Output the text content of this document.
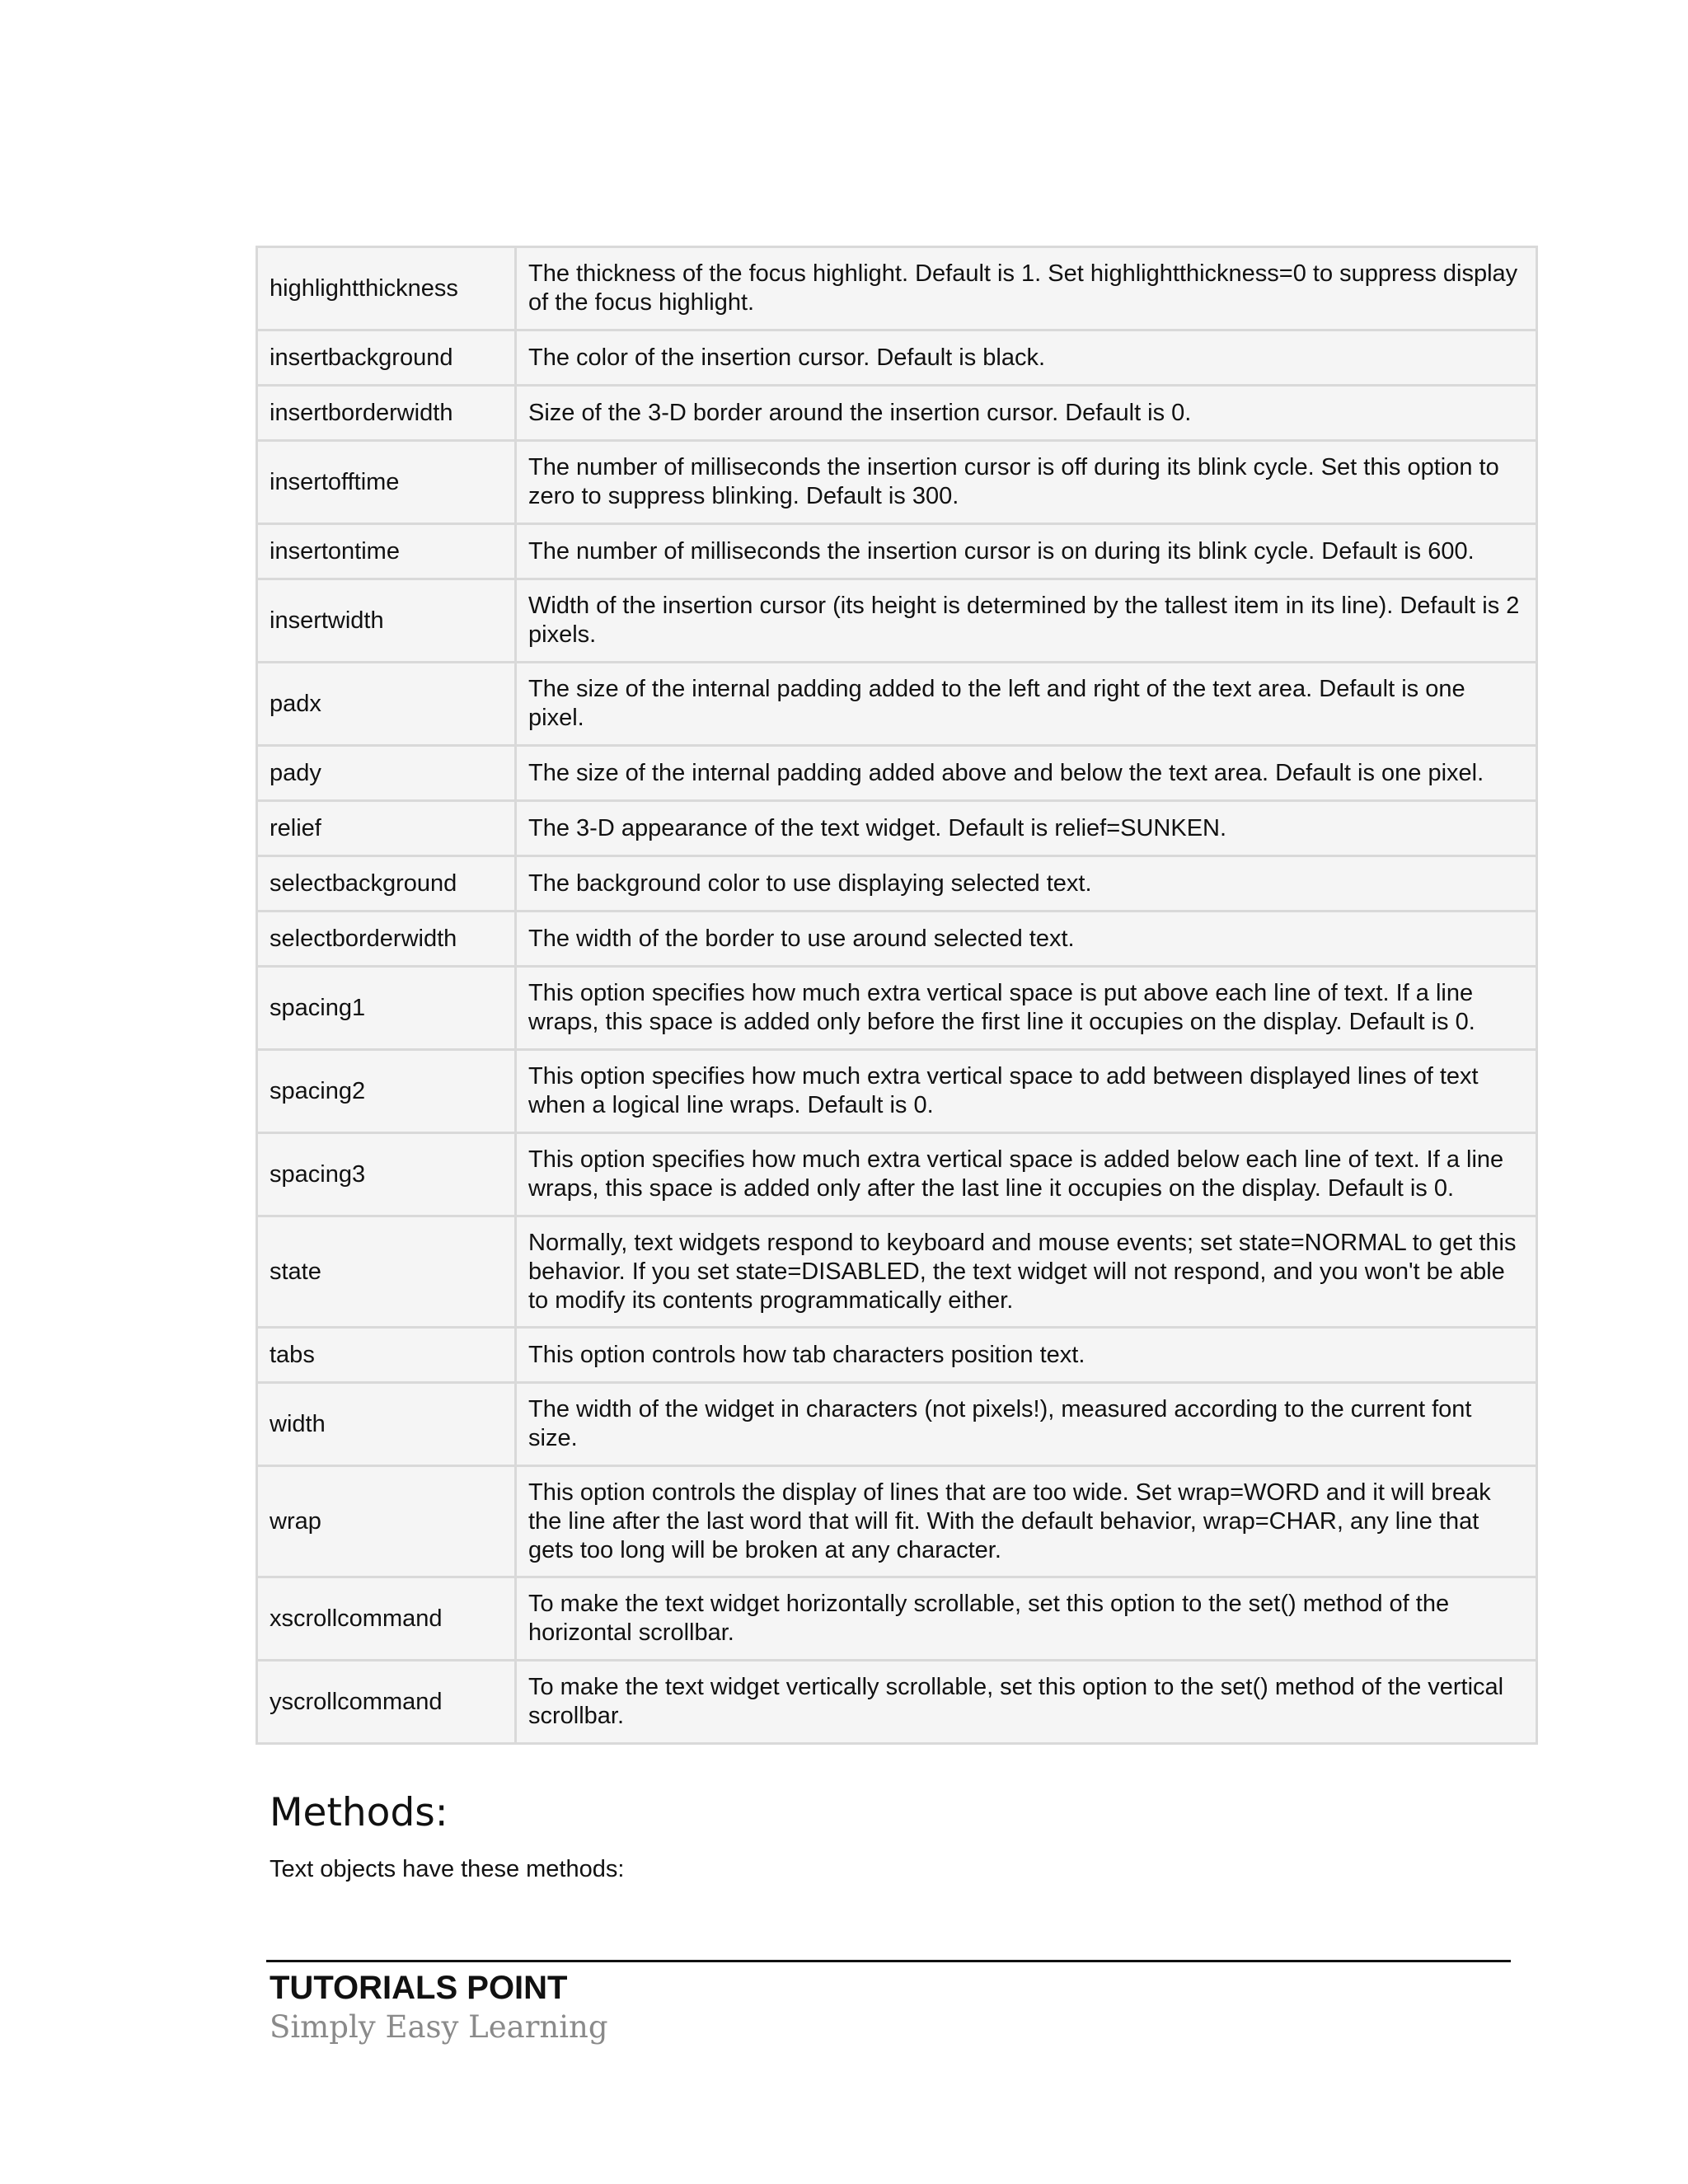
highlightthickness	The thickness of the focus highlight. Default is 1. Set highlightthickness=0 to suppress display of the focus highlight.
insertbackground	The color of the insertion cursor. Default is black.
insertborderwidth	Size of the 3-D border around the insertion cursor. Default is 0.
insertofftime	The number of milliseconds the insertion cursor is off during its blink cycle. Set this option to zero to suppress blinking. Default is 300.
insertontime	The number of milliseconds the insertion cursor is on during its blink cycle. Default is 600.
insertwidth	Width of the insertion cursor (its height is determined by the tallest item in its line). Default is 2 pixels.
padx	The size of the internal padding added to the left and right of the text area. Default is one pixel.
pady	The size of the internal padding added above and below the text area. Default is one pixel.
relief	The 3-D appearance of the text widget. Default is relief=SUNKEN.
selectbackground	The background color to use displaying selected text.
selectborderwidth	The width of the border to use around selected text.
spacing1	This option specifies how much extra vertical space is put above each line of text. If a line wraps, this space is added only before the first line it occupies on the display. Default is 0.
spacing2	This option specifies how much extra vertical space to add between displayed lines of text when a logical line wraps. Default is 0.
spacing3	This option specifies how much extra vertical space is added below each line of text. If a line wraps, this space is added only after the last line it occupies on the display. Default is 0.
state	Normally, text widgets respond to keyboard and mouse events; set state=NORMAL to get this behavior. If you set state=DISABLED, the text widget will not respond, and you won't be able to modify its contents programmatically either.
tabs	This option controls how tab characters position text.
width	The width of the widget in characters (not pixels!), measured according to the current font size.
wrap	This option controls the display of lines that are too wide. Set wrap=WORD and it will break the line after the last word that will fit. With the default behavior, wrap=CHAR, any line that gets too long will be broken at any character.
xscrollcommand	To make the text widget horizontally scrollable, set this option to the set() method of the horizontal scrollbar.
yscrollcommand	To make the text widget vertically scrollable, set this option to the set() method of the vertical scrollbar.
Methods:

Text objects have these methods:

TUTORIALS POINT
Simply Easy Learning
